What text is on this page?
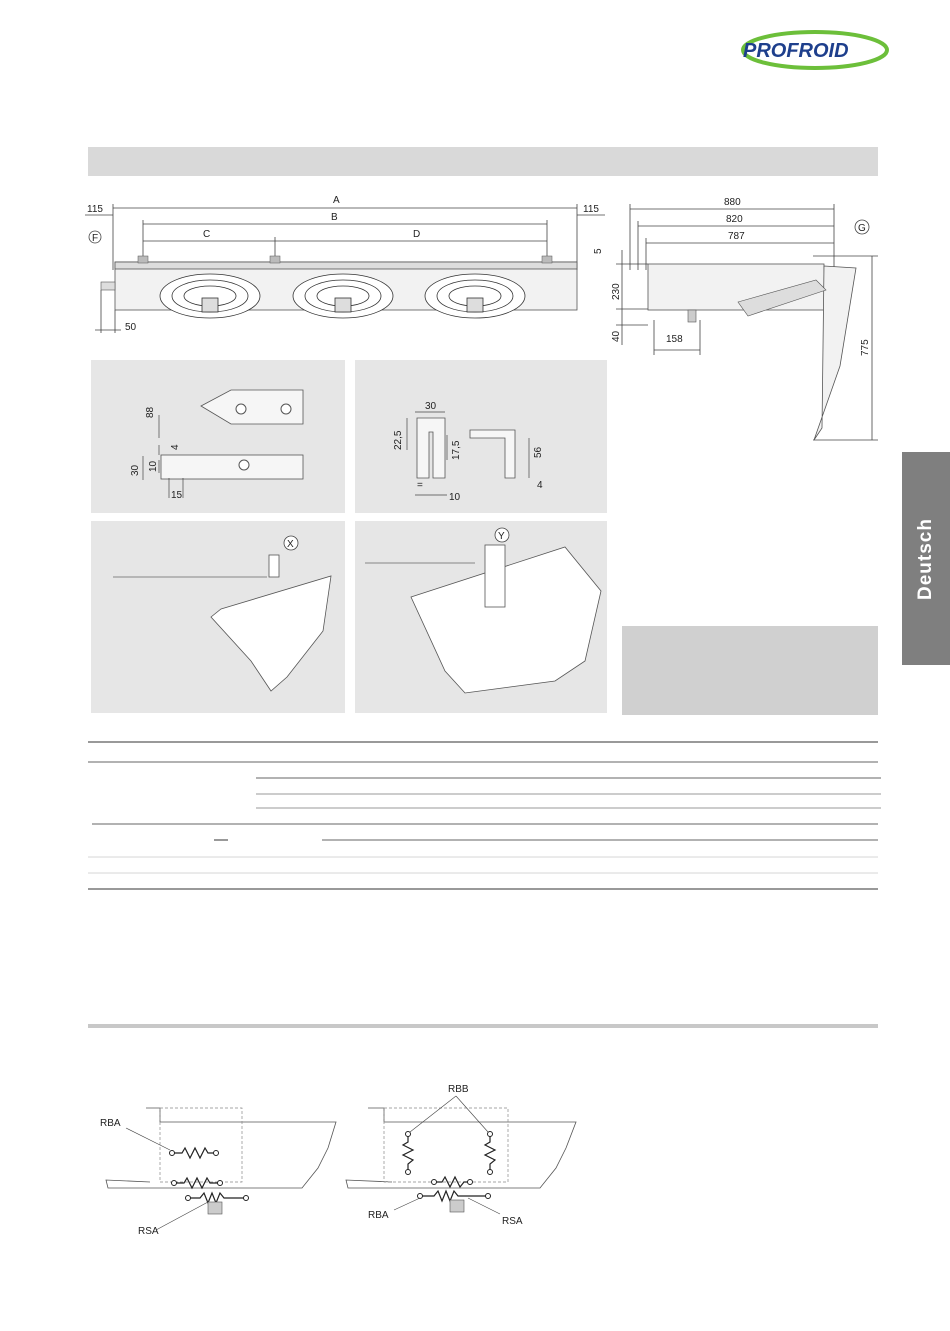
PROFROID
Deutsch
A
B
C	D
115	115
50
F
880
820
787
5
230
40	158	775
G
88
4
30 10
15
30
22,5
17,5	56
4
10
=
X
Y
RBA
RSA
RBB
RBA
RSA
